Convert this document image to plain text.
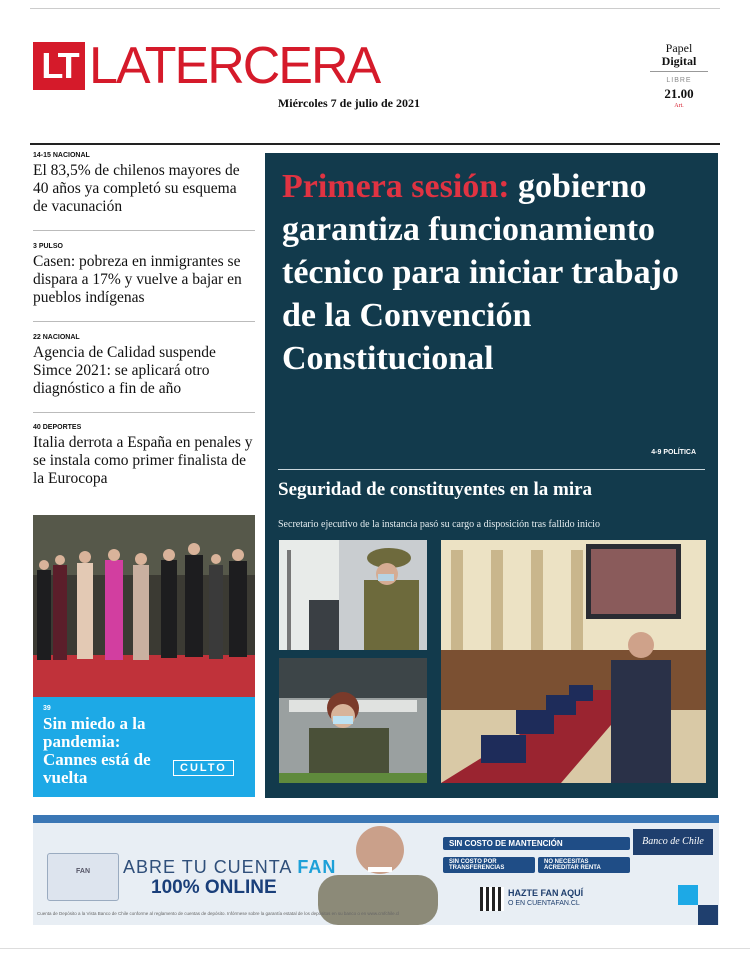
LT LATERCERA
Miércoles 7 de julio de 2021
Papel
Digital
LIBRE
21.00
Art.
14-15 NACIONAL
El 83,5% de chilenos mayores de 40 años ya completó su esquema de vacunación
3 PULSO
Casen: pobreza en inmigrantes se dispara a 17% y vuelve a bajar en pueblos indígenas
22 NACIONAL
Agencia de Calidad suspende Simce 2021: se aplicará otro diagnóstico a fin de año
40 DEPORTES
Italia derrota a España en penales y se instala como primer finalista de la Eurocopa
39
Sin miedo a la pandemia: Cannes está de vuelta	CULTO
Primera sesión: gobierno garantiza funcionamiento técnico para iniciar trabajo de la Convención Constitucional
4-9 POLÍTICA
Seguridad de constituyentes en la mira
Secretario ejecutivo de la instancia pasó su cargo a disposición tras fallido inicio
FAN	ABRE TU CUENTA FAN
100% ONLINE
SIN COSTO DE MANTENCIÓN
SIN COSTO POR TRANSFERENCIAS
NO NECESITAS ACREDITAR RENTA
HAZTE FAN AQUÍ
O EN CUENTAFAN.CL
Banco de Chile
Cuenta de Depósito a la Vista Banco de Chile conforme al reglamento de cuentas de depósito. Infórmese sobre la garantía estatal de los depósitos en su banco o en www.cmfchile.cl
